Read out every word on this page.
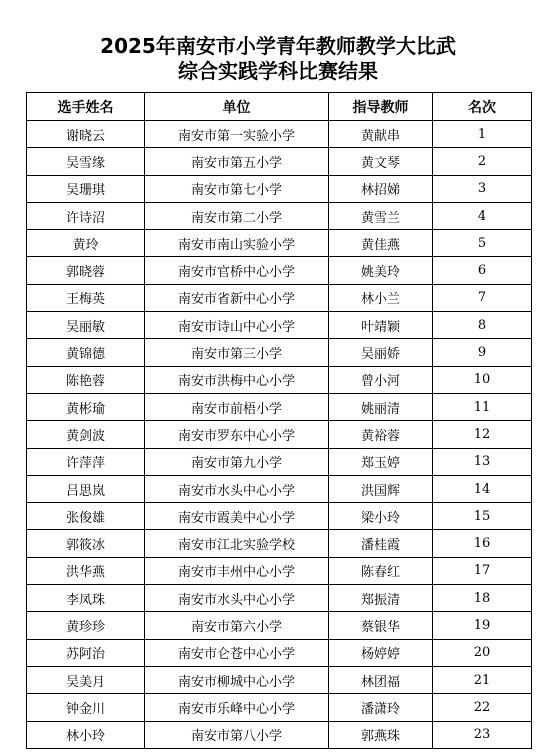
2025年南安市小学青年教师教学大比武
综合实践学科比赛结果
选手姓名	单位	指导教师	名次
谢晓云	南安市第一实验小学	黄献串	1
吴雪缘	南安市第五小学	黄文琴	2
吴珊琪	南安市第七小学	林招娣	3
许诗沼	南安市第二小学	黄雪兰	4
黄玲	南安市南山实验小学	黄佳燕	5
郭晓蓉	南安市官桥中心小学	姚美玲	6
王梅英	南安市省新中心小学	林小兰	7
吴丽敏	南安市诗山中心小学	叶靖颖	8
黄锦德	南安市第三小学	吴丽娇	9
陈艳蓉	南安市洪梅中心小学	曾小河	10
黄彬瑜	南安市前梧小学	姚丽清	11
黄剑波	南安市罗东中心小学	黄裕蓉	12
许萍萍	南安市第九小学	郑玉婷	13
吕思岚	南安市水头中心小学	洪国辉	14
张俊雄	南安市霞美中心小学	梁小玲	15
郭筱冰	南安市江北实验学校	潘桂霞	16
洪华燕	南安市丰州中心小学	陈春红	17
李凤珠	南安市水头中心小学	郑振清	18
黄珍珍	南安市第六小学	蔡银华	19
苏阿治	南安市仑苍中心小学	杨婷婷	20
吴美月	南安市柳城中心小学	林团福	21
钟金川	南安市乐峰中心小学	潘潇玲	22
林小玲	南安市第八小学	郭燕珠	23
